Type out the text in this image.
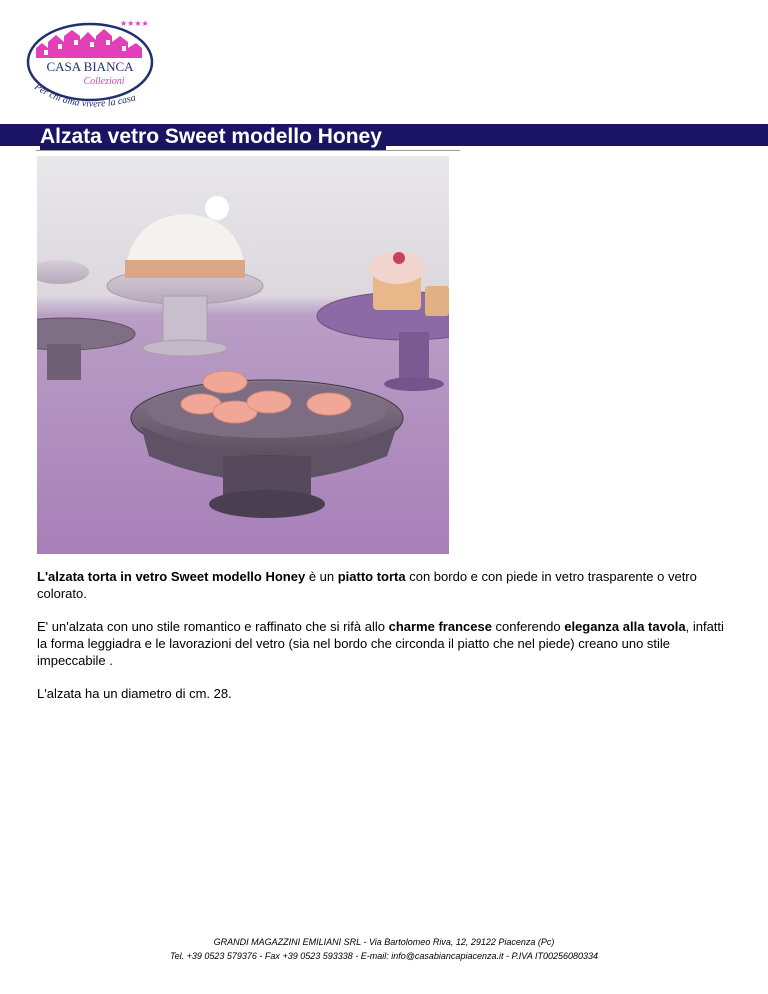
★★★★
CASA BIANCA
Collezioni
Per chi ama vivere la casa
Alzata vetro Sweet modello Honey

L'alzata torta in vetro Sweet modello Honey è un piatto torta con bordo e con piede in vetro trasparente o vetro colorato.

E' un'alzata con uno stile romantico e raffinato che si rifà allo charme francese conferendo eleganza alla tavola, infatti la forma leggiadra e le lavorazioni del vetro (sia nel bordo che circonda il piatto che nel piede) creano uno stile impeccabile .

L'alzata ha un diametro di cm. 28.

GRANDI MAGAZZINI EMILIANI SRL - Via Bartolomeo Riva, 12, 29122 Piacenza (Pc)
Tel. +39 0523 579376 - Fax +39 0523 593338 - E-mail: info@casabiancapiacenza.it - P.IVA IT00256080334
